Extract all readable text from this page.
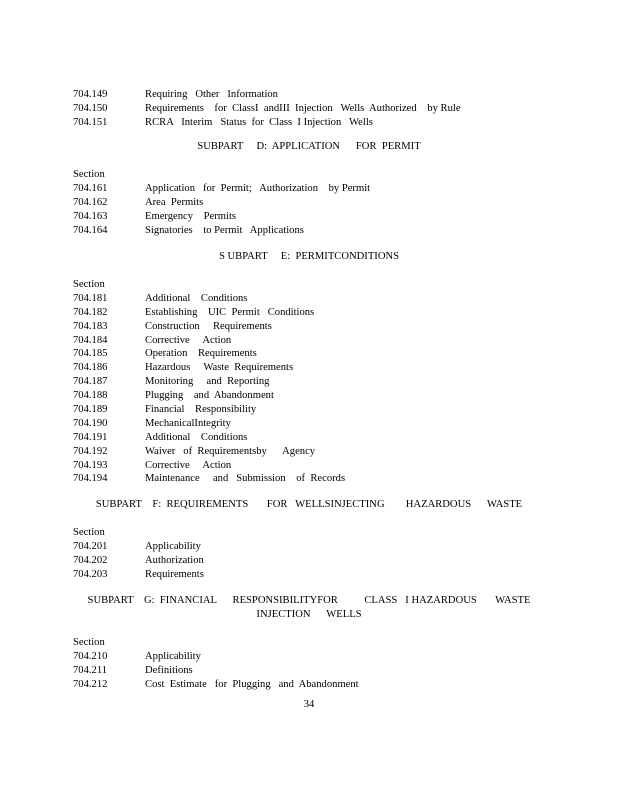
704.149	Requiring   Other   Information
704.150	Requirements    for  ClassI  andIII  Injection   Wells  Authorized    by Rule
704.151	RCRA   Interim   Status  for  Class  I Injection   Wells
SUBPART     D:  APPLICATION      FOR  PERMIT
Section
704.161	Application   for  Permit;   Authorization    by Permit
704.162	Area  Permits
704.163	Emergency    Permits
704.164	Signatories    to Permit   Applications
S UBPART     E:  PERMITCONDITIONS
Section
704.181	Additional    Conditions
704.182	Establishing    UIC  Permit   Conditions
704.183	Construction     Requirements
704.184	Corrective     Action
704.185	Operation    Requirements
704.186	Hazardous     Waste  Requirements
704.187	Monitoring     and  Reporting
704.188	Plugging    and  Abandonment
704.189	Financial    Responsibility
704.190	MechanicalIntegrity
704.191	Additional    Conditions
704.192	Waiver   of  Requirementsby      Agency
704.193	Corrective     Action
704.194	Maintenance     and   Submission    of  Records
SUBPART    F:  REQUIREMENTS       FOR   WELLSINJECTING        HAZARDOUS      WASTE
Section
704.201	Applicability
704.202	Authorization
704.203	Requirements
SUBPART    G:  FINANCIAL      RESPONSIBILITYFOR          CLASS   I HAZARDOUS       WASTE
INJECTION      WELLS
Section
704.210	Applicability
704.211	Definitions
704.212	Cost  Estimate   for  Plugging   and  Abandonment
34
